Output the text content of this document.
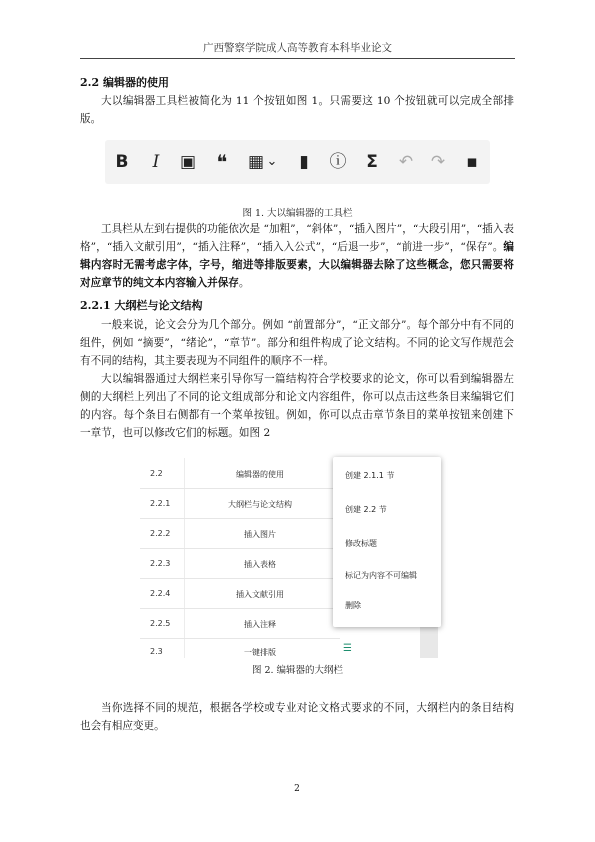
广西警察学院成人高等教育本科毕业论文
2.2 编辑器的使用
大以编辑器工具栏被简化为 11 个按钮如图 1。只需要这 10 个按钮就可以完成全部排版。
B	I	▣ ❝	▦ ⌄	▮	ⓘ	Σ	↶ ↷	▪
图 1. 大以编辑器的工具栏
工具栏从左到右提供的功能依次是 “加粗”，“斜体”，“插入图片”，“大段引用”，“插入表格”，“插入文献引用”，“插入注释”，“插入入公式”，“后退一步”，“前进一步”，“保存”。编辑内容时无需考虑字体，字号，缩进等排版要素，大以编辑器去除了这些概念，您只需要将对应章节的纯文本内容输入并保存。
2.2.1 大纲栏与论文结构
一般来说，论文会分为几个部分。例如 “前置部分”，“正文部分”。每个部分中有不同的组件，例如 “摘要”，“绪论”，“章节”。部分和组件构成了论文结构。不同的论文写作规范会有不同的结构，其主要表现为不同组件的顺序不一样。
大以编辑器通过大纲栏来引导你写一篇结构符合学校要求的论文，你可以看到编辑器左侧的大纲栏上列出了不同的论文组成部分和论文内容组件，你可以点击这些条目来编辑它们的内容。每个条目右侧都有一个菜单按钮。例如，你可以点击章节条目的菜单按钮来创建下一章节，也可以修改它们的标题。如图 2
2.2	编辑器的使用
2.2.1	大纲栏与论文结构
2.2.2	插入图片
2.2.3	插入表格
2.2.4	插入文献引用
2.2.5	插入注释
2.3	一键排版	☰
创建 2.1.1 节
创建 2.2 节
修改标题
标记为内容不可编辑
删除
图 2. 编辑器的大纲栏
当你选择不同的规范，根据各学校或专业对论文格式要求的不同，大纲栏内的条目结构也会有相应变更。
2
